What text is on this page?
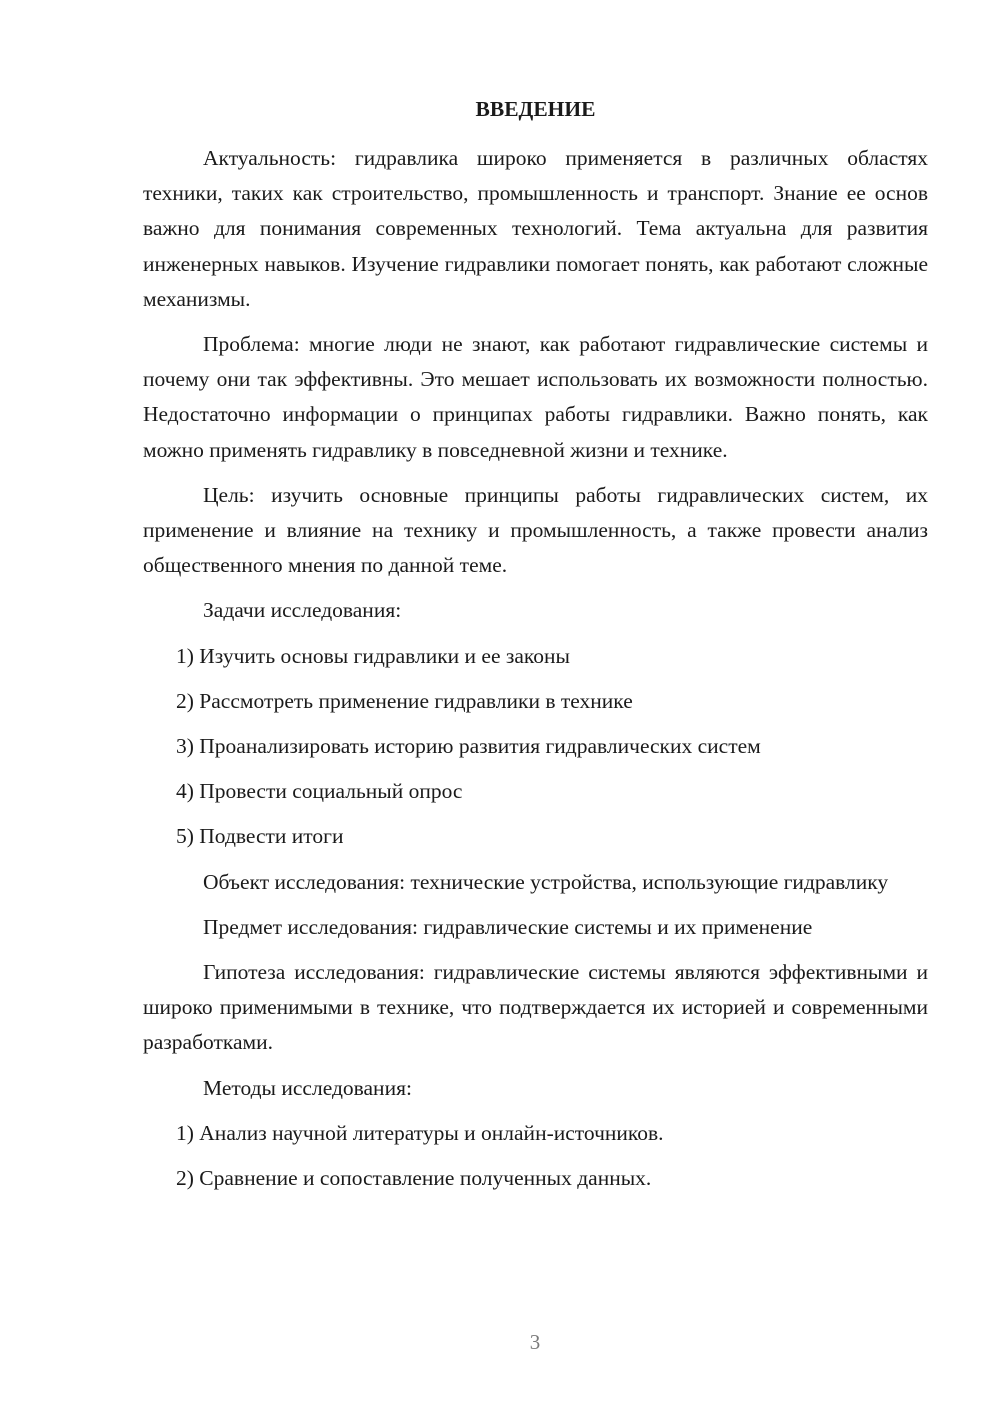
ВВЕДЕНИЕ

Актуальность: гидравлика широко применяется в различных областях техники, таких как строительство, промышленность и транспорт. Знание ее основ важно для понимания современных технологий. Тема актуальна для развития инженерных навыков. Изучение гидравлики помогает понять, как работают сложные механизмы.

Проблема: многие люди не знают, как работают гидравлические системы и почему они так эффективны. Это мешает использовать их возможности полностью. Недостаточно информации о принципах работы гидравлики. Важно понять, как можно применять гидравлику в повседневной жизни и технике.

Цель: изучить основные принципы работы гидравлических систем, их применение и влияние на технику и промышленность, а также провести анализ общественного мнения по данной теме.

Задачи исследования:

1) Изучить основы гидравлики и ее законы
2) Рассмотреть применение гидравлики в технике
3) Проанализировать историю развития гидравлических систем
4) Провести социальный опрос
5) Подвести итоги

Объект исследования: технические устройства, использующие гидравлику

Предмет исследования: гидравлические системы и их применение

Гипотеза исследования: гидравлические системы являются эффективными и широко применимыми в технике, что подтверждается их историей и современными разработками.

Методы исследования:

1) Анализ научной литературы и онлайн-источников.
2) Сравнение и сопоставление полученных данных.
3
